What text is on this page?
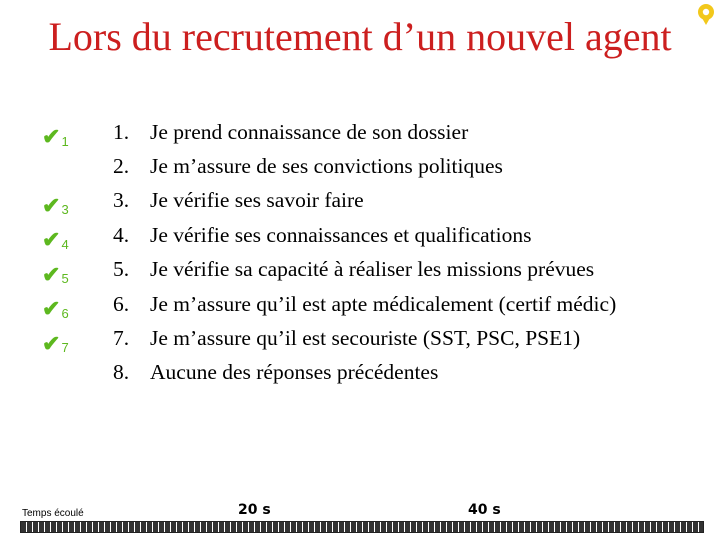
Lors du recrutement d’un nouvel agent
✔ 1
✔ 3
✔ 4
✔ 5
✔ 6
✔ 7
1. Je prend connaissance de son dossier
2. Je m’assure de ses convictions politiques
3. Je vérifie ses savoir faire
4. Je vérifie ses connaissances et qualifications
5. Je vérifie sa capacité à réaliser les missions prévues
6. Je m’assure qu’il est apte médicalement (certif médic)
7. Je m’assure qu’il est secouriste (SST, PSC, PSE1)
8. Aucune des réponses précédentes
Temps écoulé	20 s	40 s
